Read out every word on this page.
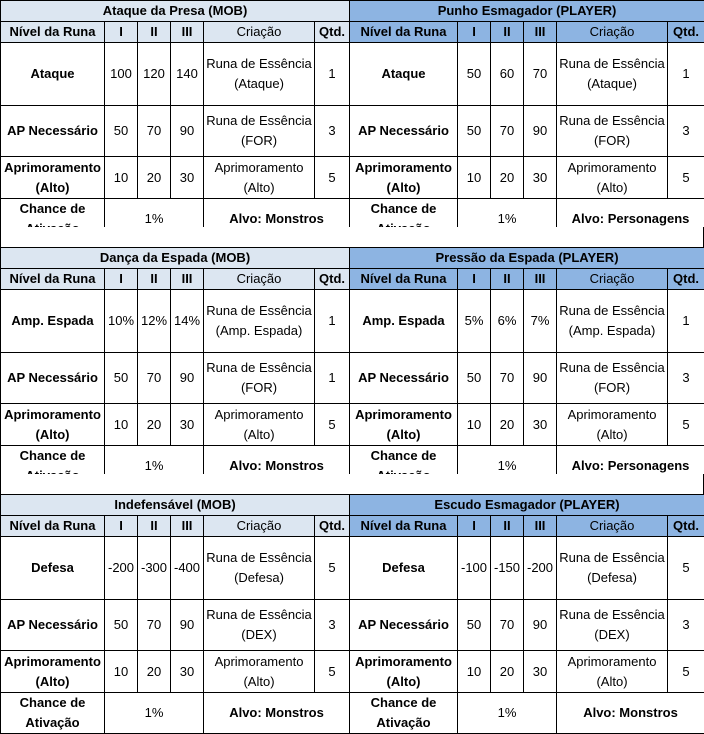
Ataque da Presa (MOB)					
Nível da Runa	I	II	III	Criação	Qtd.
Ataque	100	120	140	Runa de Essência (Ataque)	1
AP Necessário	50	70	90	Runa de Essência (FOR)	3
Aprimoramento (Alto)	10	20	30	Aprimoramento (Alto)	5
Chance de	1%			Alvo: Monstros	
Punho Esmagador (PLAYER)					
Nível da Runa	I	II	III	Criação	Qtd.
Ataque	50	60	70	Runa de Essência (Ataque)	1
AP Necessário	50	70	90	Runa de Essência (FOR)	3
Aprimoramento (Alto)	10	20	30	Aprimoramento (Alto)	5
Chance de	1%			Alvo: Personagens	
Dança da Espada (MOB)					
Nível da Runa	I	II	III	Criação	Qtd.
Amp. Espada	10%	12%	14%	Runa de Essência (Amp. Espada)	1
AP Necessário	50	70	90	Runa de Essência (FOR)	1
Aprimoramento (Alto)	10	20	30	Aprimoramento (Alto)	5
Chance de	1%			Alvo: Monstros	
Pressão da Espada (PLAYER)					
Nível da Runa	I	II	III	Criação	Qtd.
Amp. Espada	5%	6%	7%	Runa de Essência (Amp. Espada)	1
AP Necessário	50	70	90	Runa de Essência (FOR)	3
Aprimoramento (Alto)	10	20	30	Aprimoramento (Alto)	5
Chance de	1%			Alvo: Personagens	
Indefensável (MOB)					
Nível da Runa	I	II	III	Criação	Qtd.
Defesa	-200	-300	-400	Runa de Essência (Defesa)	5
AP Necessário	50	70	90	Runa de Essência (DEX)	3
Aprimoramento (Alto)	10	20	30	Aprimoramento (Alto)	5
Chance de Ativação	1%			Alvo: Monstros	
Escudo Esmagador (PLAYER)					
Nível da Runa	I	II	III	Criação	Qtd.
Defesa	-100	-150	-200	Runa de Essência (Defesa)	5
AP Necessário	50	70	90	Runa de Essência (DEX)	3
Aprimoramento (Alto)	10	20	30	Aprimoramento (Alto)	5
Chance de Ativação	1%			Alvo: Monstros	
